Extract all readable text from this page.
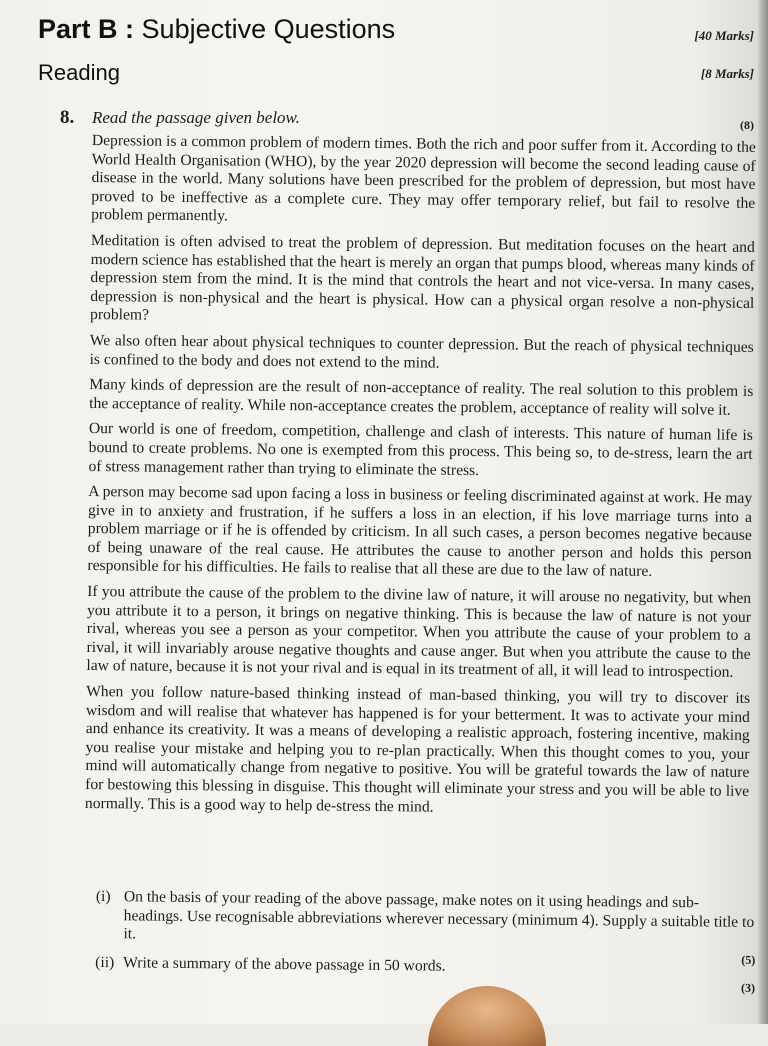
Part B : Subjective Questions
Reading
[40 Marks]
[8 Marks]
8. Read the passage given below.	(8)

Depression is a common problem of modern times. Both the rich and poor suffer from it. According to the World Health Organisation (WHO), by the year 2020 depression will become the second leading cause of disease in the world. Many solutions have been prescribed for the problem of depression, but most have proved to be ineffective as a complete cure. They may offer temporary relief, but fail to resolve the problem permanently.

Meditation is often advised to treat the problem of depression. But meditation focuses on the heart and modern science has established that the heart is merely an organ that pumps blood, whereas many kinds of depression stem from the mind. It is the mind that controls the heart and not vice-versa. In many cases, depression is non-physical and the heart is physical. How can a physical organ resolve a non-physical problem?

We also often hear about physical techniques to counter depression. But the reach of physical techniques is confined to the body and does not extend to the mind.

Many kinds of depression are the result of non-acceptance of reality. The real solution to this problem is the acceptance of reality. While non-acceptance creates the problem, acceptance of reality will solve it.

Our world is one of freedom, competition, challenge and clash of interests. This nature of human life is bound to create problems. No one is exempted from this process. This being so, to de-stress, learn the art of stress management rather than trying to eliminate the stress.

A person may become sad upon facing a loss in business or feeling discriminated against at work. He may give in to anxiety and frustration, if he suffers a loss in an election, if his love marriage turns into a problem marriage or if he is offended by criticism. In all such cases, a person becomes negative because of being unaware of the real cause. He attributes the cause to another person and holds this person responsible for his difficulties. He fails to realise that all these are due to the law of nature.

If you attribute the cause of the problem to the divine law of nature, it will arouse no negativity, but when you attribute it to a person, it brings on negative thinking. This is because the law of nature is not your rival, whereas you see a person as your competitor. When you attribute the cause of your problem to a rival, it will invariably arouse negative thoughts and cause anger. But when you attribute the cause to the law of nature, because it is not your rival and is equal in its treatment of all, it will lead to introspection.

When you follow nature-based thinking instead of man-based thinking, you will try to discover its wisdom and will realise that whatever has happened is for your betterment. It was to activate your mind and enhance its creativity. It was a means of developing a realistic approach, fostering incentive, making you realise your mistake and helping you to re-plan practically. When this thought comes to you, your mind will automatically change from negative to positive. You will be grateful towards the law of nature for bestowing this blessing in disguise. This thought will eliminate your stress and you will be able to live normally. This is a good way to help de-stress the mind.

(i) On the basis of your reading of the above passage, make notes on it using headings and sub-headings. Use recognisable abbreviations wherever necessary (minimum 4). Supply a suitable title to it.
(5)
(ii) Write a summary of the above passage in 50 words.
(3)
